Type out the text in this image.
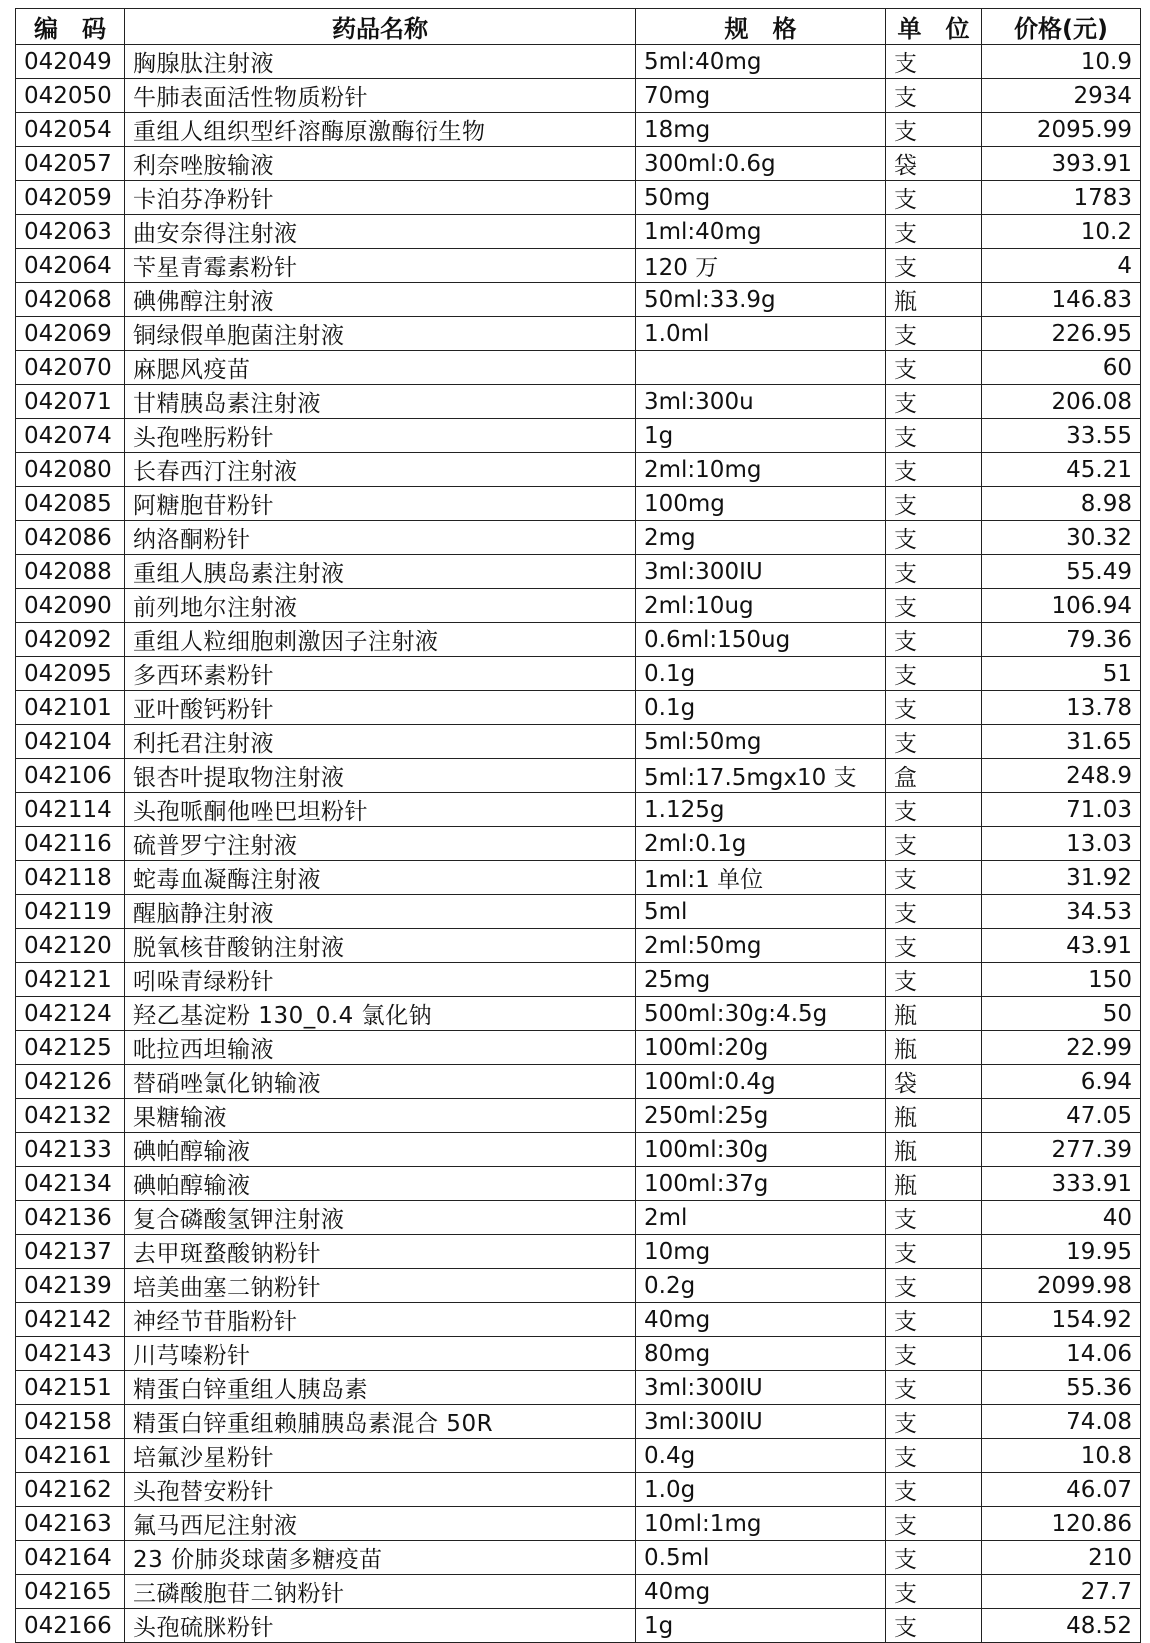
编　码	药品名称	规　格	单　位	价格(元)
042049	胸腺肽注射液	5ml:40mg	支	10.9
042050	牛肺表面活性物质粉针	70mg	支	2934
042054	重组人组织型纤溶酶原激酶衍生物	18mg	支	2095.99
042057	利奈唑胺输液	300ml:0.6g	袋	393.91
042059	卡泊芬净粉针	50mg	支	1783
042063	曲安奈得注射液	1ml:40mg	支	10.2
042064	苄星青霉素粉针	120 万	支	4
042068	碘佛醇注射液	50ml:33.9g	瓶	146.83
042069	铜绿假单胞菌注射液	1.0ml	支	226.95
042070	麻腮风疫苗		支	60
042071	甘精胰岛素注射液	3ml:300u	支	206.08
042074	头孢唑肟粉针	1g	支	33.55
042080	长春西汀注射液	2ml:10mg	支	45.21
042085	阿糖胞苷粉针	100mg	支	8.98
042086	纳洛酮粉针	2mg	支	30.32
042088	重组人胰岛素注射液	3ml:300IU	支	55.49
042090	前列地尔注射液	2ml:10ug	支	106.94
042092	重组人粒细胞刺激因子注射液	0.6ml:150ug	支	79.36
042095	多西环素粉针	0.1g	支	51
042101	亚叶酸钙粉针	0.1g	支	13.78
042104	利托君注射液	5ml:50mg	支	31.65
042106	银杏叶提取物注射液	5ml:17.5mgx10 支	盒	248.9
042114	头孢哌酮他唑巴坦粉针	1.125g	支	71.03
042116	硫普罗宁注射液	2ml:0.1g	支	13.03
042118	蛇毒血凝酶注射液	1ml:1 单位	支	31.92
042119	醒脑静注射液	5ml	支	34.53
042120	脱氧核苷酸钠注射液	2ml:50mg	支	43.91
042121	吲哚青绿粉针	25mg	支	150
042124	羟乙基淀粉 130_0.4 氯化钠	500ml:30g:4.5g	瓶	50
042125	吡拉西坦输液	100ml:20g	瓶	22.99
042126	替硝唑氯化钠输液	100ml:0.4g	袋	6.94
042132	果糖输液	250ml:25g	瓶	47.05
042133	碘帕醇输液	100ml:30g	瓶	277.39
042134	碘帕醇输液	100ml:37g	瓶	333.91
042136	复合磷酸氢钾注射液	2ml	支	40
042137	去甲斑蝥酸钠粉针	10mg	支	19.95
042139	培美曲塞二钠粉针	0.2g	支	2099.98
042142	神经节苷脂粉针	40mg	支	154.92
042143	川芎嗪粉针	80mg	支	14.06
042151	精蛋白锌重组人胰岛素	3ml:300IU	支	55.36
042158	精蛋白锌重组赖脯胰岛素混合 50R	3ml:300IU	支	74.08
042161	培氟沙星粉针	0.4g	支	10.8
042162	头孢替安粉针	1.0g	支	46.07
042163	氟马西尼注射液	10ml:1mg	支	120.86
042164	23 价肺炎球菌多糖疫苗	0.5ml	支	210
042165	三磷酸胞苷二钠粉针	40mg	支	27.7
042166	头孢硫脒粉针	1g	支	48.52
